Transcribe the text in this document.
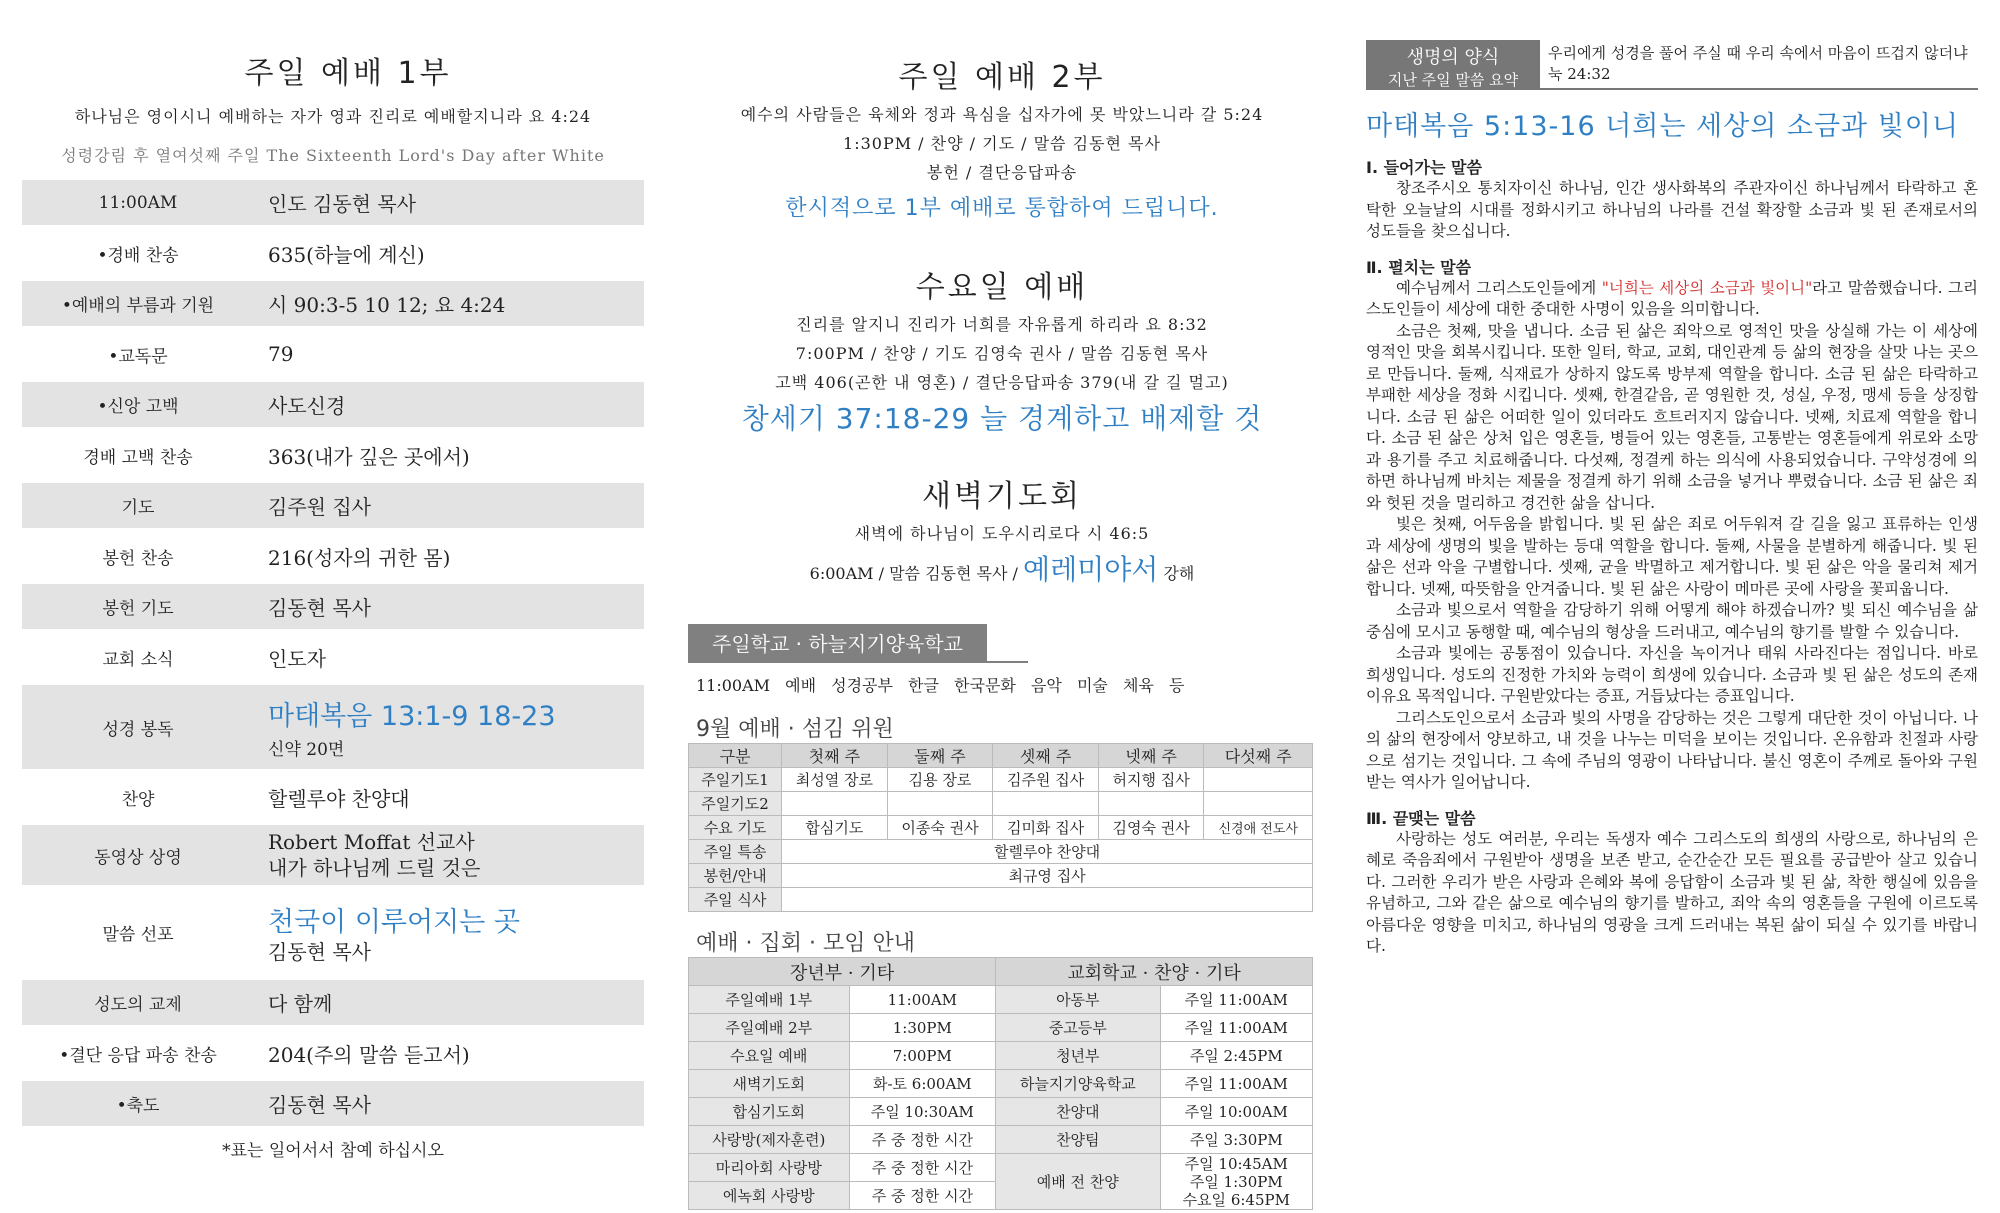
주일 예배 1부
하나님은 영이시니 예배하는 자가 영과 진리로 예배할지니라 요 4:24
성령강림 후 열여섯째 주일 The Sixteenth Lord's Day after White
11:00AM	인도 김동현 목사
•경배 찬송	635(하늘에 계신)
•예배의 부름과 기원	시 90:3-5 10 12; 요 4:24
•교독문	79
•신앙 고백	사도신경
경배 고백 찬송	363(내가 깊은 곳에서)
기도	김주원 집사
봉헌 찬송	216(성자의 귀한 몸)
봉헌 기도	김동현 목사
교회 소식	인도자
성경 봉독	마태복음 13:1-9 18-23
신약 20면
찬양	할렐루야 찬양대
동영상 상영
Robert Moffat 선교사
내가 하나님께 드릴 것은
말씀 선포	천국이 이루어지는 곳
김동현 목사
성도의 교제	다 함께
•결단 응답 파송 찬송	204(주의 말씀 듣고서)
•축도	김동현 목사
*표는 일어서서 참예 하십시오
주일 예배 2부
예수의 사람들은 육체와 정과 욕심을 십자가에 못 박았느니라 갈 5:24
1:30PM / 찬양 / 기도 / 말씀 김동현 목사
봉헌 / 결단응답파송
한시적으로 1부 예배로 통합하여 드립니다.
수요일 예배
진리를 알지니 진리가 너희를 자유롭게 하리라 요 8:32
7:00PM / 찬양 / 기도 김영숙 권사 / 말씀 김동현 목사
고백 406(곤한 내 영혼) / 결단응답파송 379(내 갈 길 멀고)
창세기 37:18-29 늘 경계하고 배제할 것
새벽기도회
새벽에 하나님이 도우시리로다 시 46:5
6:00AM / 말씀 김동현 목사 / 예레미야서 강해
주일학교 · 하늘지기양육학교
11:00AM 예배 성경공부 한글 한국문화 음악 미술 체육 등
9월 예배 · 섬김 위원
구분	첫째 주	둘째 주	셋째 주	넷째 주	다섯째 주
주일기도1	최성열 장로	김용 장로	김주원 집사	허지행 집사	
주일기도2					
수요 기도	합심기도	이종숙 권사	김미화 집사	김영숙 권사	신경애 전도사
주일 특송	할렐루야 찬양대				
봉헌/안내	최규영 집사				
주일 식사					
예배 · 집회 · 모임 안내
장년부 · 기타		교회학교 · 찬양 · 기타	
주일예배 1부	11:00AM	아동부	주일 11:00AM
주일예배 2부	1:30PM	중고등부	주일 11:00AM
수요일 예배	7:00PM	청년부	주일 2:45PM
새벽기도회	화-토 6:00AM	하늘지기양육학교	주일 11:00AM
합심기도회	주일 10:30AM	찬양대	주일 10:00AM
사랑방(제자훈련)	주 중 정한 시간	찬양팀	주일 3:30PM
마리아회 사랑방	주 중 정한 시간	예배 전 찬양	주일 10:45AM
주일 1:30PM
수요일 6:45PM

에녹회 사랑방	주 중 정한 시간		
생명의 양식
지난 주일 말씀 요약
우리에게 성경을 풀어 주실 때 우리 속에서 마음이 뜨겁지 않더냐 눅 24:32
마태복음 5:13-16 너희는 세상의 소금과 빛이니
Ⅰ. 들어가는 말씀

창조주시오 통치자이신 하나님, 인간 생사화복의 주관자이신 하나님께서 타락하고 혼탁한 오늘날의 시대를 정화시키고 하나님의 나라를 건설 확장할 소금과 빛 된 존재로서의 성도들을 찾으십니다.

Ⅱ. 펼치는 말씀

예수님께서 그리스도인들에게 "너희는 세상의 소금과 빛이니"라고 말씀했습니다. 그리스도인들이 세상에 대한 중대한 사명이 있음을 의미합니다.

소금은 첫째, 맛을 냅니다. 소금 된 삶은 죄악으로 영적인 맛을 상실해 가는 이 세상에 영적인 맛을 회복시킵니다. 또한 일터, 학교, 교회, 대인관계 등 삶의 현장을 살맛 나는 곳으로 만듭니다. 둘째, 식재료가 상하지 않도록 방부제 역할을 합니다. 소금 된 삶은 타락하고 부패한 세상을 정화 시킵니다. 셋째, 한결같음, 곧 영원한 것, 성실, 우정, 맹세 등을 상징합니다. 소금 된 삶은 어떠한 일이 있더라도 흐트러지지 않습니다. 넷째, 치료제 역할을 합니다. 소금 된 삶은 상처 입은 영혼들, 병들어 있는 영혼들, 고통받는 영혼들에게 위로와 소망과 용기를 주고 치료해줍니다. 다섯째, 정결케 하는 의식에 사용되었습니다. 구약성경에 의하면 하나님께 바치는 제물을 정결케 하기 위해 소금을 넣거나 뿌렸습니다. 소금 된 삶은 죄와 헛된 것을 멀리하고 경건한 삶을 삽니다.

빛은 첫째, 어두움을 밝힙니다. 빛 된 삶은 죄로 어두워져 갈 길을 잃고 표류하는 인생과 세상에 생명의 빛을 발하는 등대 역할을 합니다. 둘째, 사물을 분별하게 해줍니다. 빛 된 삶은 선과 악을 구별합니다. 셋째, 균을 박멸하고 제거합니다. 빛 된 삶은 악을 물리쳐 제거합니다. 넷째, 따뜻함을 안겨줍니다. 빛 된 삶은 사랑이 메마른 곳에 사랑을 꽃피웁니다.

소금과 빛으로서 역할을 감당하기 위해 어떻게 해야 하겠습니까? 빛 되신 예수님을 삶 중심에 모시고 동행할 때, 예수님의 형상을 드러내고, 예수님의 향기를 발할 수 있습니다.

소금과 빛에는 공통점이 있습니다. 자신을 녹이거나 태워 사라진다는 점입니다. 바로 희생입니다. 성도의 진정한 가치와 능력이 희생에 있습니다. 소금과 빛 된 삶은 성도의 존재 이유요 목적입니다. 구원받았다는 증표, 거듭났다는 증표입니다.

그리스도인으로서 소금과 빛의 사명을 감당하는 것은 그렇게 대단한 것이 아닙니다. 나의 삶의 현장에서 양보하고, 내 것을 나누는 미덕을 보이는 것입니다. 온유함과 친절과 사랑으로 섬기는 것입니다. 그 속에 주님의 영광이 나타납니다. 불신 영혼이 주께로 돌아와 구원받는 역사가 일어납니다.

Ⅲ. 끝맺는 말씀

사랑하는 성도 여러분, 우리는 독생자 예수 그리스도의 희생의 사랑으로, 하나님의 은혜로 죽음죄에서 구원받아 생명을 보존 받고, 순간순간 모든 필요를 공급받아 살고 있습니다. 그러한 우리가 받은 사랑과 은혜와 복에 응답함이 소금과 빛 된 삶, 착한 행실에 있음을 유념하고, 그와 같은 삶으로 예수님의 향기를 발하고, 죄악 속의 영혼들을 구원에 이르도록 아름다운 영향을 미치고, 하나님의 영광을 크게 드러내는 복된 삶이 되실 수 있기를 바랍니다.
